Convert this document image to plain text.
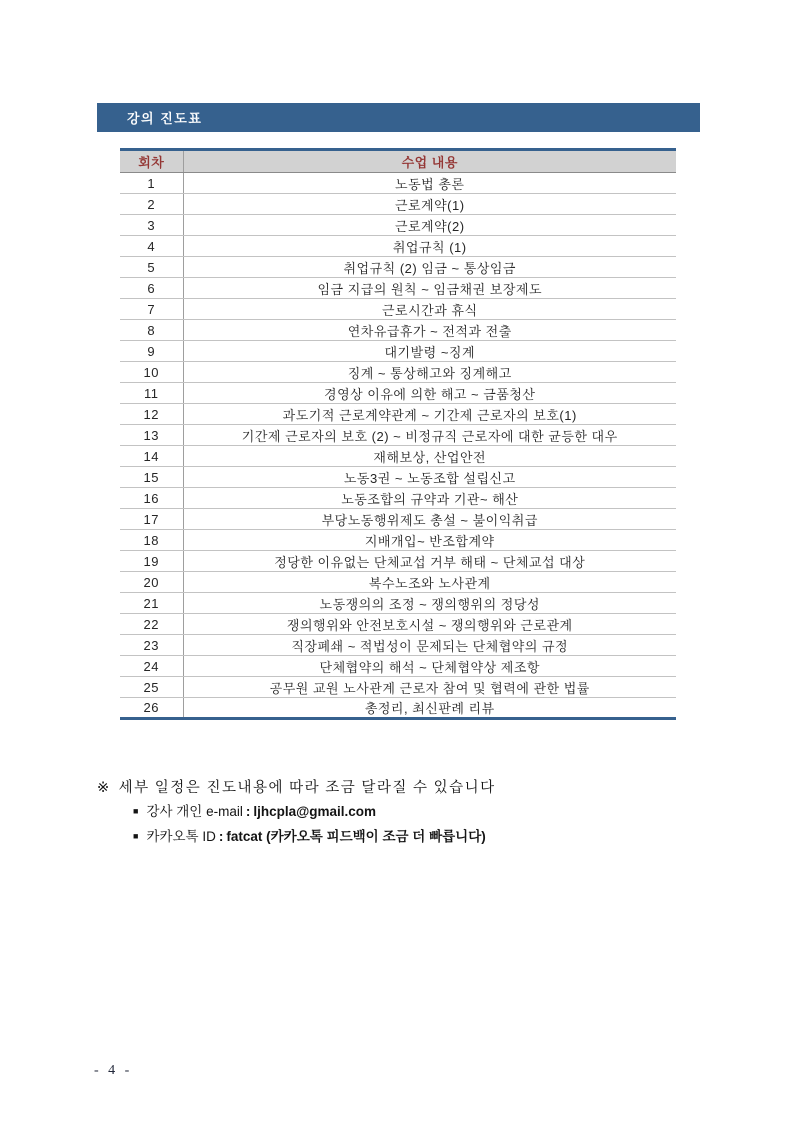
강의 진도표
회차	수업 내용
1	노동법 총론
2	근로계약(1)
3	근로계약(2)
4	취업규칙 (1)
5	취업규칙 (2) 임금 ~ 통상임금
6	임금 지급의 원칙 ~ 임금채권 보장제도
7	근로시간과 휴식
8	연차유급휴가 ~ 전적과 전출
9	대기발령 ~징계
10	징계 ~ 통상해고와 징계해고
11	경영상 이유에 의한 해고 ~ 금품청산
12	과도기적 근로계약관계 ~ 기간제 근로자의 보호(1)
13	기간제 근로자의 보호 (2) ~ 비정규직 근로자에 대한 균등한 대우
14	재해보상, 산업안전
15	노동3권 ~ 노동조합 설립신고
16	노동조합의 규약과 기관~ 해산
17	부당노동행위제도 총설 ~ 불이익취급
18	지배개입~ 반조합계약
19	정당한 이유없는 단체교섭 거부 해태 ~ 단체교섭 대상
20	복수노조와 노사관계
21	노동쟁의의 조정 ~ 쟁의행위의 정당성
22	쟁의행위와 안전보호시설 ~ 쟁의행위와 근로관계
23	직장폐쇄 ~ 적법성이 문제되는 단체협약의 규정
24	단체협약의 해석 ~ 단체협약상 제조항
25	공무원 교원 노사관계 근로자 참여 및 협력에 관한 법률
26	총정리, 최신판례 리뷰
※ 세부 일정은 진도내용에 따라 조금 달라질 수 있습니다
■ 강사 개인 e-mail : ljhcpla@gmail.com
■ 카카오톡 ID : fatcat (카카오톡 피드백이 조금 더 빠릅니다)
- 4 -
